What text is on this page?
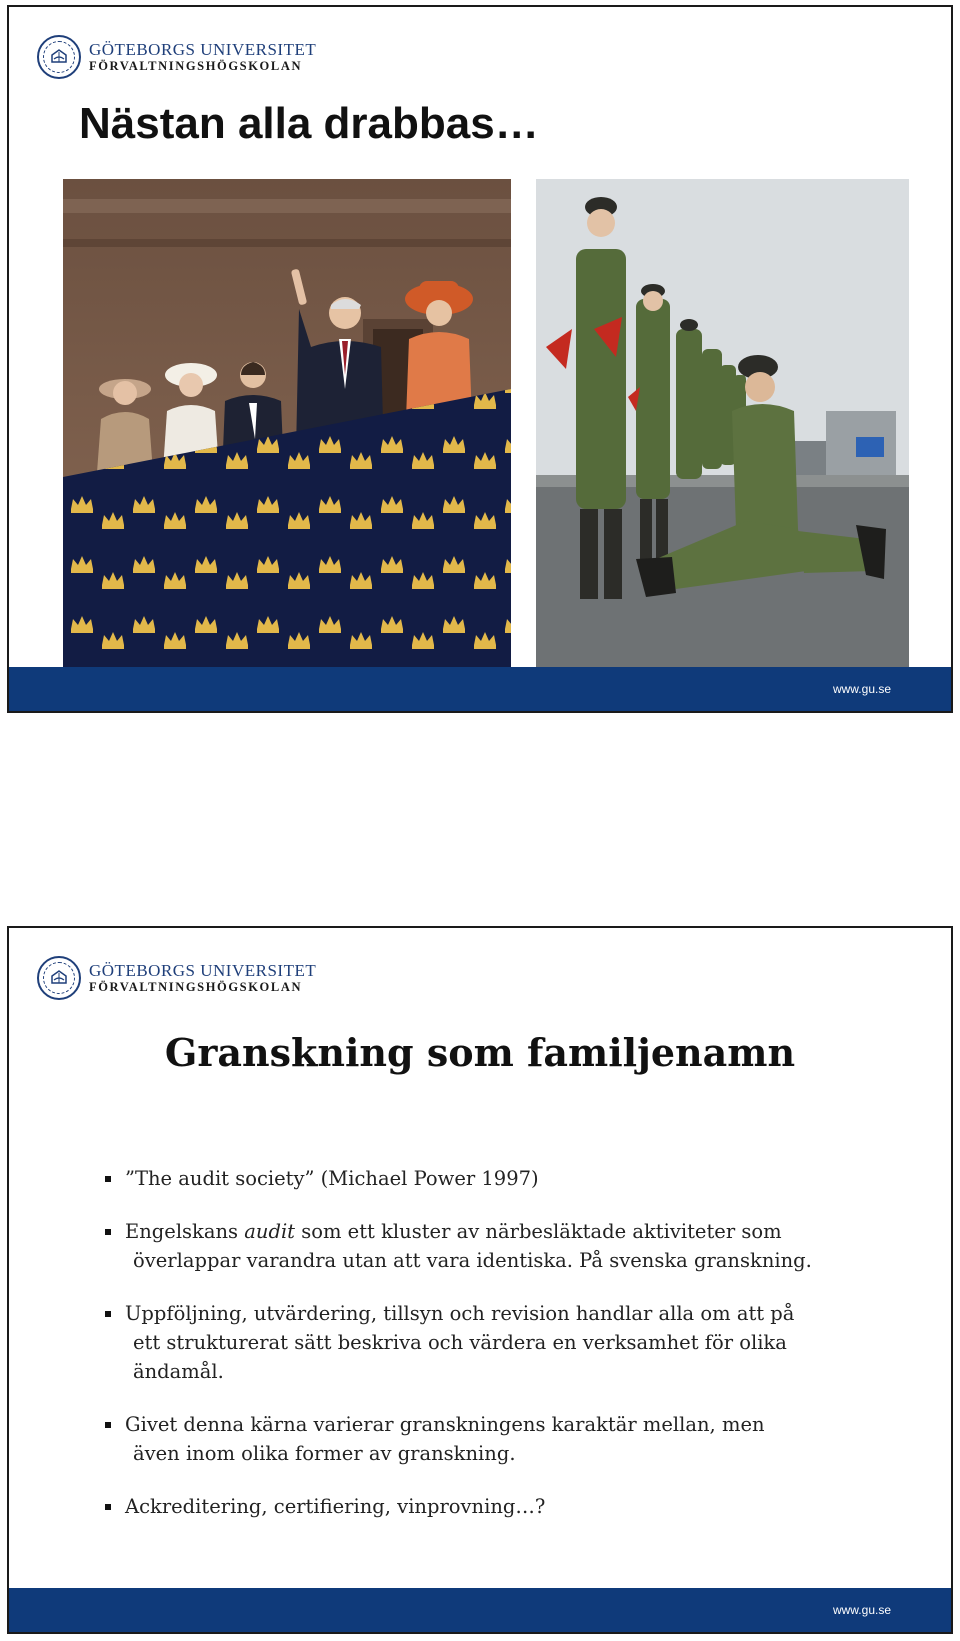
GÖTEBORGS UNIVERSITET
FÖRVALTNINGSHÖGSKOLAN
Nästan alla drabbas…
www.gu.se
GÖTEBORGS UNIVERSITET
FÖRVALTNINGSHÖGSKOLAN
Granskning som familjenamn
”The audit society” (Michael Power 1997)
Engelskans audit som ett kluster av närbesläktade aktiviteter som
överlappar varandra utan att vara identiska. På svenska granskning.
Uppföljning, utvärdering, tillsyn och revision handlar alla om att på
ett strukturerat sätt beskriva och värdera en verksamhet för olika
ändamål.
Givet denna kärna varierar granskningens karaktär mellan, men
även inom olika former av granskning.
Ackreditering, certifiering, vinprovning…?
www.gu.se
